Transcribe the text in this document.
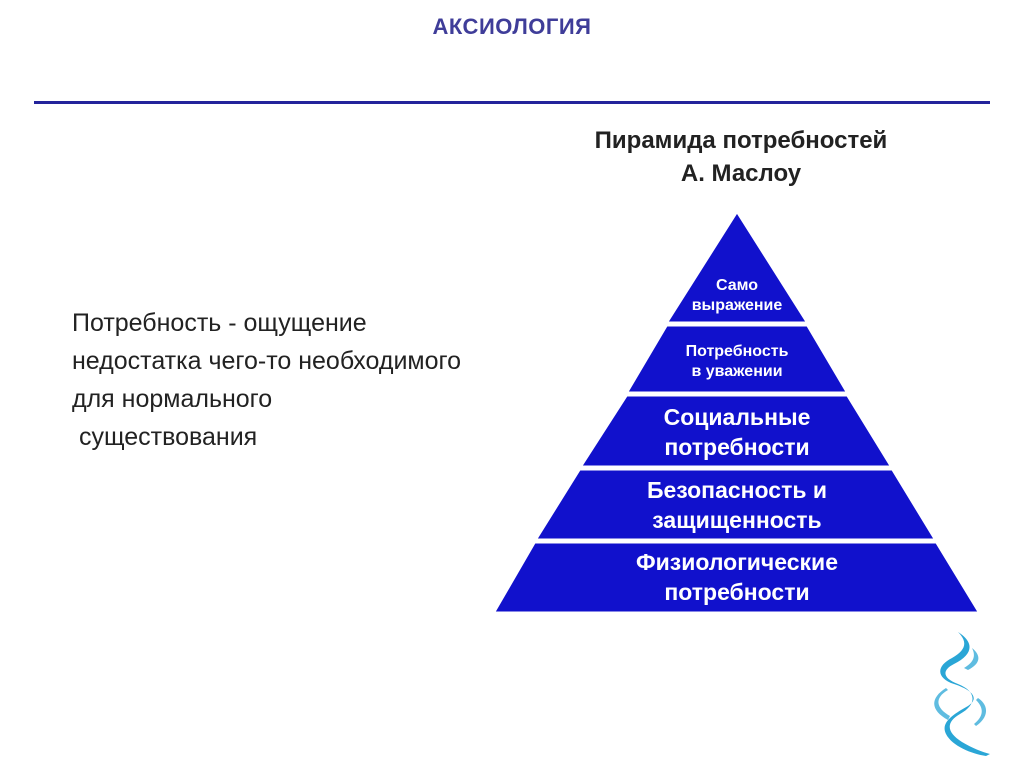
АКСИОЛОГИЯ
Пирамида потребностей
А. Маслоу
Потребность - ощущение
недостатка чего-то необходимого
для нормального
существования
Само
выражение
Потребность
в уважении
Социальные
потребности
Безопасность и
защищенность
Физиологические
потребности
